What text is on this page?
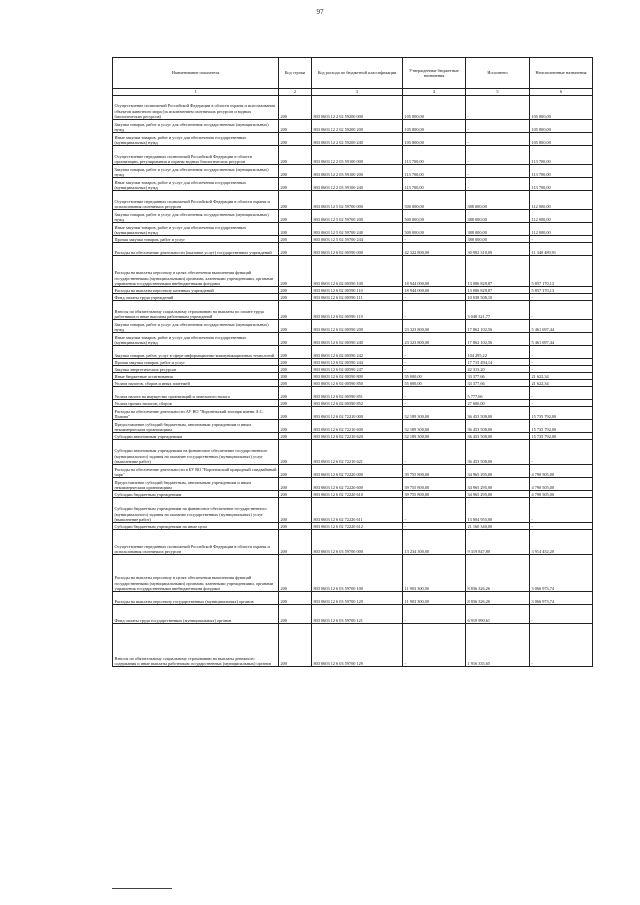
97
Наименование показателя	Код строки	Код расхода по бюджетной классификации	Утвержденные бюджетные назначения	Исполнено	Неисполненные назначения
1	2	3	4	5	6
Осуществление полномочий Российской Федерации в области охраны и использования объектов животного мира (за исключением охотничьих ресурсов и водных биологических ресурсов)	200	803 0603 12 2 02 59200 000	105 800,00	-	105 800,00
Закупка товаров, работ и услуг для обеспечения государственных (муниципальных) нужд	200	803 0603 12 2 02 59200 200	105 800,00	-	105 800,00
Иные закупки товаров, работ и услуг для обеспечения государственных (муниципальных) нужд	200	803 0603 12 2 02 59200 240	105 800,00	-	105 800,00
Осуществление переданных полномочий Российской Федерации в области организации, регулирования и охраны водных биологических ресурсов	200	803 0603 12 2 03 59100 000	113 700,00	-	113 700,00
Закупка товаров, работ и услуг для обеспечения государственных (муниципальных) нужд	200	803 0603 12 2 03 59100 200	113 700,00	-	113 700,00
Иные закупки товаров, работ и услуг для обеспечения государственных (муниципальных) нужд	200	803 0603 12 2 03 59100 240	113 700,00	-	113 700,00
Осуществление переданных полномочий Российской Федерации в области охраны и использования охотничьих ресурсов	200	803 0603 12 5 02 59700 000	500 000,00	388 000,00	112 000,00
Закупка товаров, работ и услуг для обеспечения государственных (муниципальных) нужд	200	803 0603 12 5 02 59700 200	500 000,00	388 000,00	112 000,00
Иные закупки товаров, работ и услуг для обеспечения государственных (муниципальных) нужд	200	803 0603 12 5 02 59700 240	500 000,00	388 000,00	112 000,00
Прочая закупка товаров, работ и услуг	200	803 0603 12 5 02 59700 244	-	388 000,00	-
Расходы на обеспечение деятельности (оказание услуг) государственных учреждений	200	803 0603 12 6 02 00590 000	42 322 800,00	30 982 310,09	11 340 489,91
Расходы на выплаты персоналу в целях обеспечения выполнения функций государственными (муниципальными) органами, казенными учреждениями, органами управления государственными внебюджетными фондами	200	803 0603 12 6 02 00590 100	18 944 000,00	13 086 829,87	5 857 170,13
Расходы на выплаты персоналу казенных учреждений	200	803 0603 12 6 02 00590 110	18 944 000,00	13 086 829,87	5 857 170,13
Фонд оплаты труда учреждений	200	803 0603 12 6 02 00590 111	-	10 038 508,10	-
Взносы по обязательному социальному страхованию на выплаты по оплате труда работников и иные выплаты работникам учреждений	200	803 0603 12 6 02 00590 119	-	3 048 321,77	-
Закупка товаров, работ и услуг для обеспечения государственных (муниципальных) нужд	200	803 0603 12 6 02 00590 200	23 323 800,00	17 862 102,56	5 461 697,44
Иные закупки товаров, работ и услуг для обеспечения государственных (муниципальных) нужд	200	803 0603 12 6 02 00590 240	23 323 800,00	17 862 102,56	5 461 697,44
Закупка товаров, работ, услуг в сфере информационно-коммуникационных технологий	200	803 0603 12 6 02 00590 242	-	104 295,22	-
Прочая закупка товаров, работ и услуг	200	803 0603 12 6 02 00590 244	-	17 715 494,14	-
Закупка энергетических ресурсов	200	803 0603 12 6 02 00590 247	-	42 313,20	-
Иные бюджетные ассигнования	200	803 0603 12 6 02 00590 800	55 000,00	33 377,66	21 622,34
Уплата налогов, сборов и иных платежей	200	803 0603 12 6 02 00590 850	55 000,00	33 377,66	21 622,34
Уплата налога на имущество организаций и земельного налога	200	803 0603 12 6 02 00590 851	-	5 777,66	-
Уплата прочих налогов, сборов	200	803 0603 12 6 02 00590 852	-	27 600,00	-
Расходы на обеспечение деятельности АУ ВО "Воронежский зоопарк имени А.С. Попова"	200	803 0603 12 6 02 72210 000	52 189 300,00	36 453 508,00	15 735 792,00
Предоставление субсидий бюджетным, автономным учреждениям и иным некоммерческим организациям	200	803 0603 12 6 02 72210 600	52 189 300,00	36 453 508,00	15 735 792,00
Субсидии автономным учреждениям	200	803 0603 12 6 02 72210 620	52 189 300,00	36 453 508,00	15 735 792,00
Субсидии автономным учреждениям на финансовое обеспечение государственного (муниципального) задания на оказание государственных (муниципальных) услуг (выполнение работ)	200	803 0603 12 6 02 72210 621	-	36 453 508,00	-
Расходы на обеспечение деятельности в БУ ВО "Воронежский природный спидвайпный парк"	200	803 0603 12 6 02 72220 000	39 755 800,00	34 965 295,00	4 790 505,00
Предоставление субсидий бюджетным, автономным учреждениям и иным некоммерческим организациям	200	803 0603 12 6 02 72220 600	39 755 800,00	34 965 295,00	4 790 505,00
Субсидии бюджетным учреждениям	200	803 0603 12 6 02 72220 610	39 755 800,00	34 965 295,00	4 790 505,00
Субсидии бюджетным учреждениям на финансовое обеспечение государственного (муниципального) задания на оказание государственных (муниципальных) услуг (выполнение работ)	200	803 0603 12 6 02 72220 611	-	13 804 955,00	-
Субсидии бюджетным учреждениям на иные цели	200	803 0603 12 6 02 72220 612	-	21 160 340,00	-
Осуществление переданных полномочий Российской Федерации в области охраны и использования охотничьих ресурсов	200	803 0603 12 6 03 59700 000	13 234 300,00	9 319 847,80	3 914 452,20
Расходы на выплаты персоналу в целях обеспечения выполнения функций государственными (муниципальными) органами, казенными учреждениями, органами управления государственными внебюджетными фондами	200	803 0603 12 6 03 59700 100	11 903 300,00	8 836 326,26	3 066 973,74
Расходы на выплаты персоналу государственных (муниципальных) органов	200	803 0603 12 6 03 59700 120	11 903 300,00	8 836 326,26	3 066 973,74
Фонд оплаты труда государственных (муниципальных) органов	200	803 0603 12 6 03 59700 121	-	6 919 990,61	-
Взносы по обязательному социальному страхованию на выплаты денежного содержания и иные выплаты работникам государственных (муниципальных) органов	200	803 0603 12 6 03 59700 129	-	1 916 335,65	-
